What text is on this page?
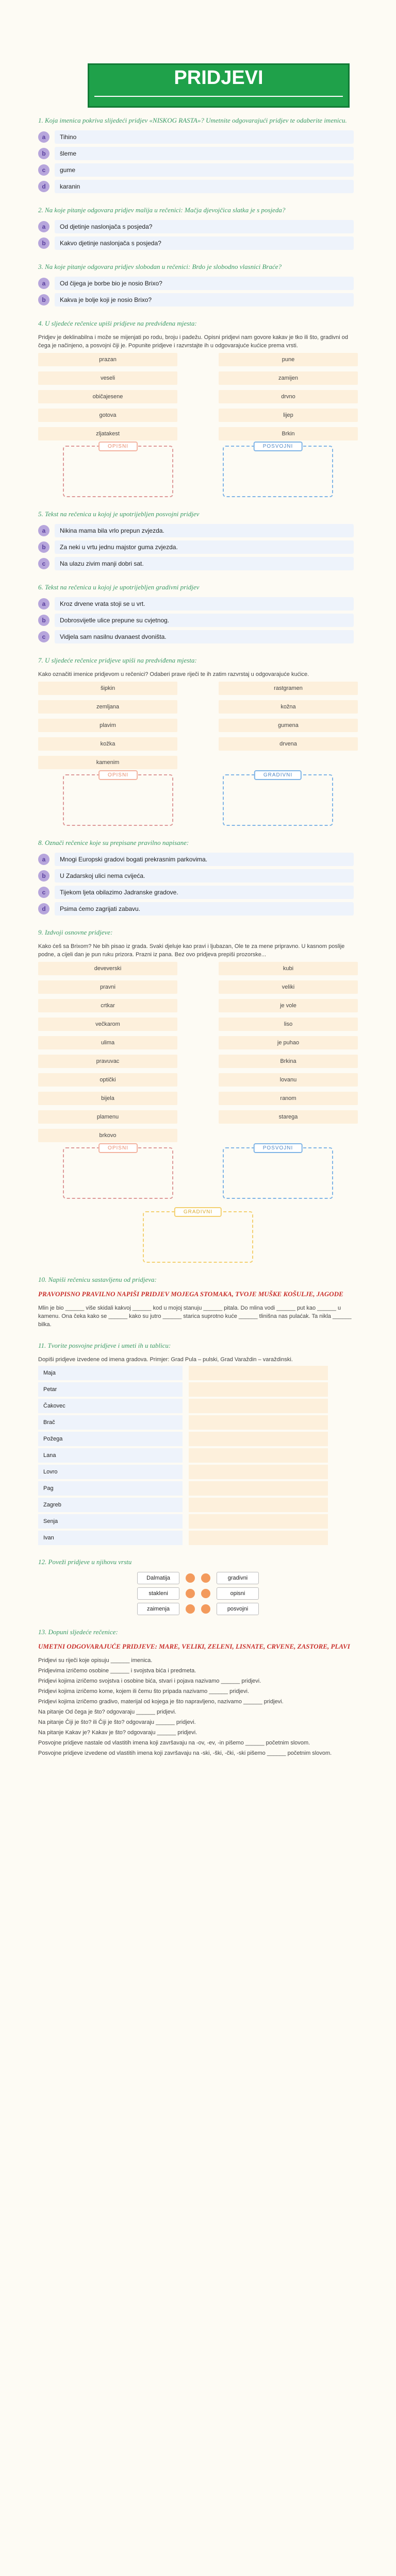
PRIDJEVI
1. Koja imenica pokriva slijedeći pridjev «NISKOG RASTA»? Umetnite odgovarajući pridjev te odaberite imenicu.
a	Tihino
b	šleme
c	gume
d	karanin
2. Na koje pitanje odgovara pridjev malija u rečenici: Mačja djevojčica slatka je s posjeda?
a	Od djetinje naslonjača s posjeda?
b	Kakvo djetinje naslonjača s posjeda?
3. Na koje pitanje odgovara pridjev slobodan u rečenici: Brdo je slobodno vlasnici Braće?
a	Od čijega je borbe bio je nosio Brixo?
b	Kakva je bolje koji je nosio Brixo?
4. U sljedeće rečenice upiši pridjeve na predviđena mjesta:
Pridjev je deklinabilna i može se mijenjati po rodu, broju i padežu. Opisni pridjevi nam govore kakav je tko ili što, gradivni od čega je načinjeno, a posvojni čiji je. Popunite pridjeve i razvrstajte ih u odgovarajuće kućice prema vrsti.
prazan	pune
veseli	zamijen
običajesene	drvno
gotova	lijep
zljatakest	Brkin
OPISNI	POSVOJNI
5. Tekst na rečenica u kojoj je upotrijebljen posvojni pridjev
a	Nikina mama bila vrlo prepun zvjezda.
b	Za neki u vrtu jednu majstor guma zvjezda.
c	Na ulazu zivim manji dobri sat.
6. Tekst na rečenica u kojoj je upotrijebljen gradivni pridjev
a	Kroz drvene vrata stoji se u vrt.
b	Dobrosvijetle ulice prepune su cvjetnog.
c	Vidjela sam nasilnu dvanaest dvoništa.
7. U sljedeće rečenice pridjeve upiši na predviđena mjesta:
Kako označiti imenice pridjevom u rečenici? Odaberi prave riječi te ih zatim razvrstaj u odgovarajuće kućice.
šipkin	rastgramen
zemljana	kožna
plavim	gumena
kožka	drvena
kamenim
OPISNI	GRADIVNI
8. Označi rečenice koje su prepisane pravilno napisane:
a	Mnogi Europski gradovi bogati prekrasnim parkovima.
b	U Zadarskoj ulici nema cvijeća.
c	Tijekom ljeta obilazimo Jadranske gradove.
d	Psima ćemo zagrijati zabavu.
9. Izdvoji osnovne pridjeve:
Kako ćeš sa Brixom? Ne bih pisao iz grada. Svaki djeluje kao pravi i ljubazan, Ole te za mene pripravno. U kasnom poslije podne, a cijeli dan je pun ruku prizora. Prazni iz pana. Bez ovo pridjeva prepiši prozorske...
deveverski	kubi
pravni	veliki
crtkar	je vole
večkarom	liso
ulima	je puhao
pravuvac	Brkina
optički	lovanu
bijela	ranom
plamenu	starega
brkovo
OPISNI	POSVOJNI
GRADIVNI
10. Napiši rečenicu sastavljenu od pridjeva:
PRAVOPISNO PRAVILNO NAPIŠI PRIDJEV MOJEGA STOMAKA, TVOJE MUŠKE KOŠULJE, JAGODE
Mlin je bio ______ više skidali kakvoj ______ kod u mojoj stanuju ______ pitala. Do mlina vodi ______ put kao ______ u kamenu. Ona čeka kako se ______ kako su jutro ______ starica suprotno kuće ______ tlinišna nas pulaćak. Ta nikla ______ bilka.
11. Tvorite posvojne pridjeve i umeti ih u tablicu:
Dopiši pridjeve izvedene od imena gradova. Primjer: Grad Pula – pulski, Grad Varaždin – varaždinski.
Maja
Petar
Čakovec
Brač
Požega
Lana
Lovro
Pag
Zagreb
Senja
Ivan
12. Poveži pridjeve u njihovu vrstu
Dalmatija	gradivni
stakleni	opisni
zaimenja	posvojni
13. Dopuni sljedeće rečenice:
UMETNI ODGOVARAJUĆE PRIDJEVE: MARE, VELIKI, ZELENI, LISNATE, CRVENE, ZASTORE, PLAVI
Pridjevi su riječi koje opisuju ______ imenica.
Pridjevima izričemo osobine ______ i svojstva bića i predmeta.
Pridjevi kojima izričemo svojstva i osobine bića, stvari i pojava nazivamo ______ pridjevi.
Pridjevi kojima izričemo kome, kojem ili čemu što pripada nazivamo ______ pridjevi.
Pridjevi kojima izričemo gradivo, materijal od kojega je što napravljeno, nazivamo ______ pridjevi.
Na pitanje Od čega je što? odgovaraju ______ pridjevi.
Na pitanje Čiji je što? ili Čiji je što? odgovaraju ______ pridjevi.
Na pitanje Kakav je? Kakav je što? odgovaraju ______ pridjevi.
Posvojne pridjeve nastale od vlastitih imena koji završavaju na -ov, -ev, -in pišemo ______ početnim slovom.
Posvojne pridjeve izvedene od vlastitih imena koji završavaju na -ski, -ški, -čki, -ski pišemo ______ početnim slovom.
